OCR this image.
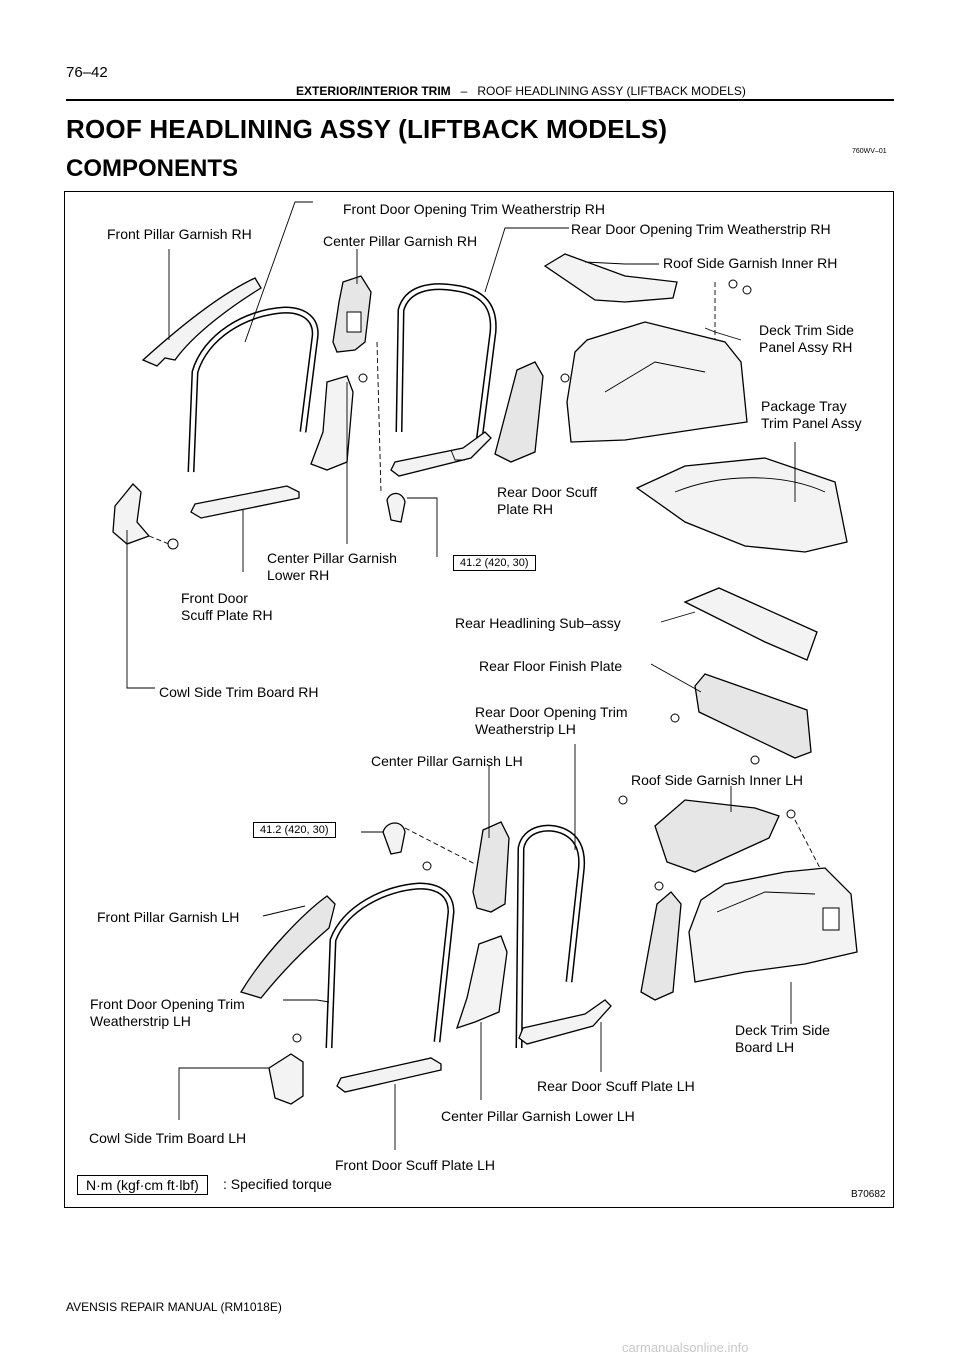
76–42
EXTERIOR/INTERIOR TRIM – ROOF HEADLINING ASSY (LIFTBACK MODELS)
ROOF HEADLINING ASSY (LIFTBACK MODELS)
COMPONENTS
760WV–01
Front Door Opening Trim Weatherstrip RH
Front Pillar Garnish RH	Center Pillar Garnish RH
Rear Door Opening Trim Weatherstrip RH
Roof Side Garnish Inner RH
Deck Trim Side
Panel Assy RH
Package Tray
Trim Panel Assy
Rear Door Scuff
Plate RH
Center Pillar Garnish
Lower RH
Front Door
Scuff Plate RH	Rear Headlining Sub–assy
Rear Floor Finish Plate
Cowl Side Trim Board RH
Rear Door Opening Trim
Weatherstrip LH
Center Pillar Garnish LH
Roof Side Garnish Inner LH
Front Pillar Garnish LH
Front Door Opening Trim
Weatherstrip LH
Deck Trim Side
Board LH
Rear Door Scuff Plate LH
Center Pillar Garnish Lower LH
Cowl Side Trim Board LH
Front Door Scuff Plate LH
41.2 (420, 30)
41.2 (420, 30)
N·m (kgf·cm ft·lbf)	: Specified torque
B70682
AVENSIS REPAIR MANUAL (RM1018E)
carmanualsonline.info
